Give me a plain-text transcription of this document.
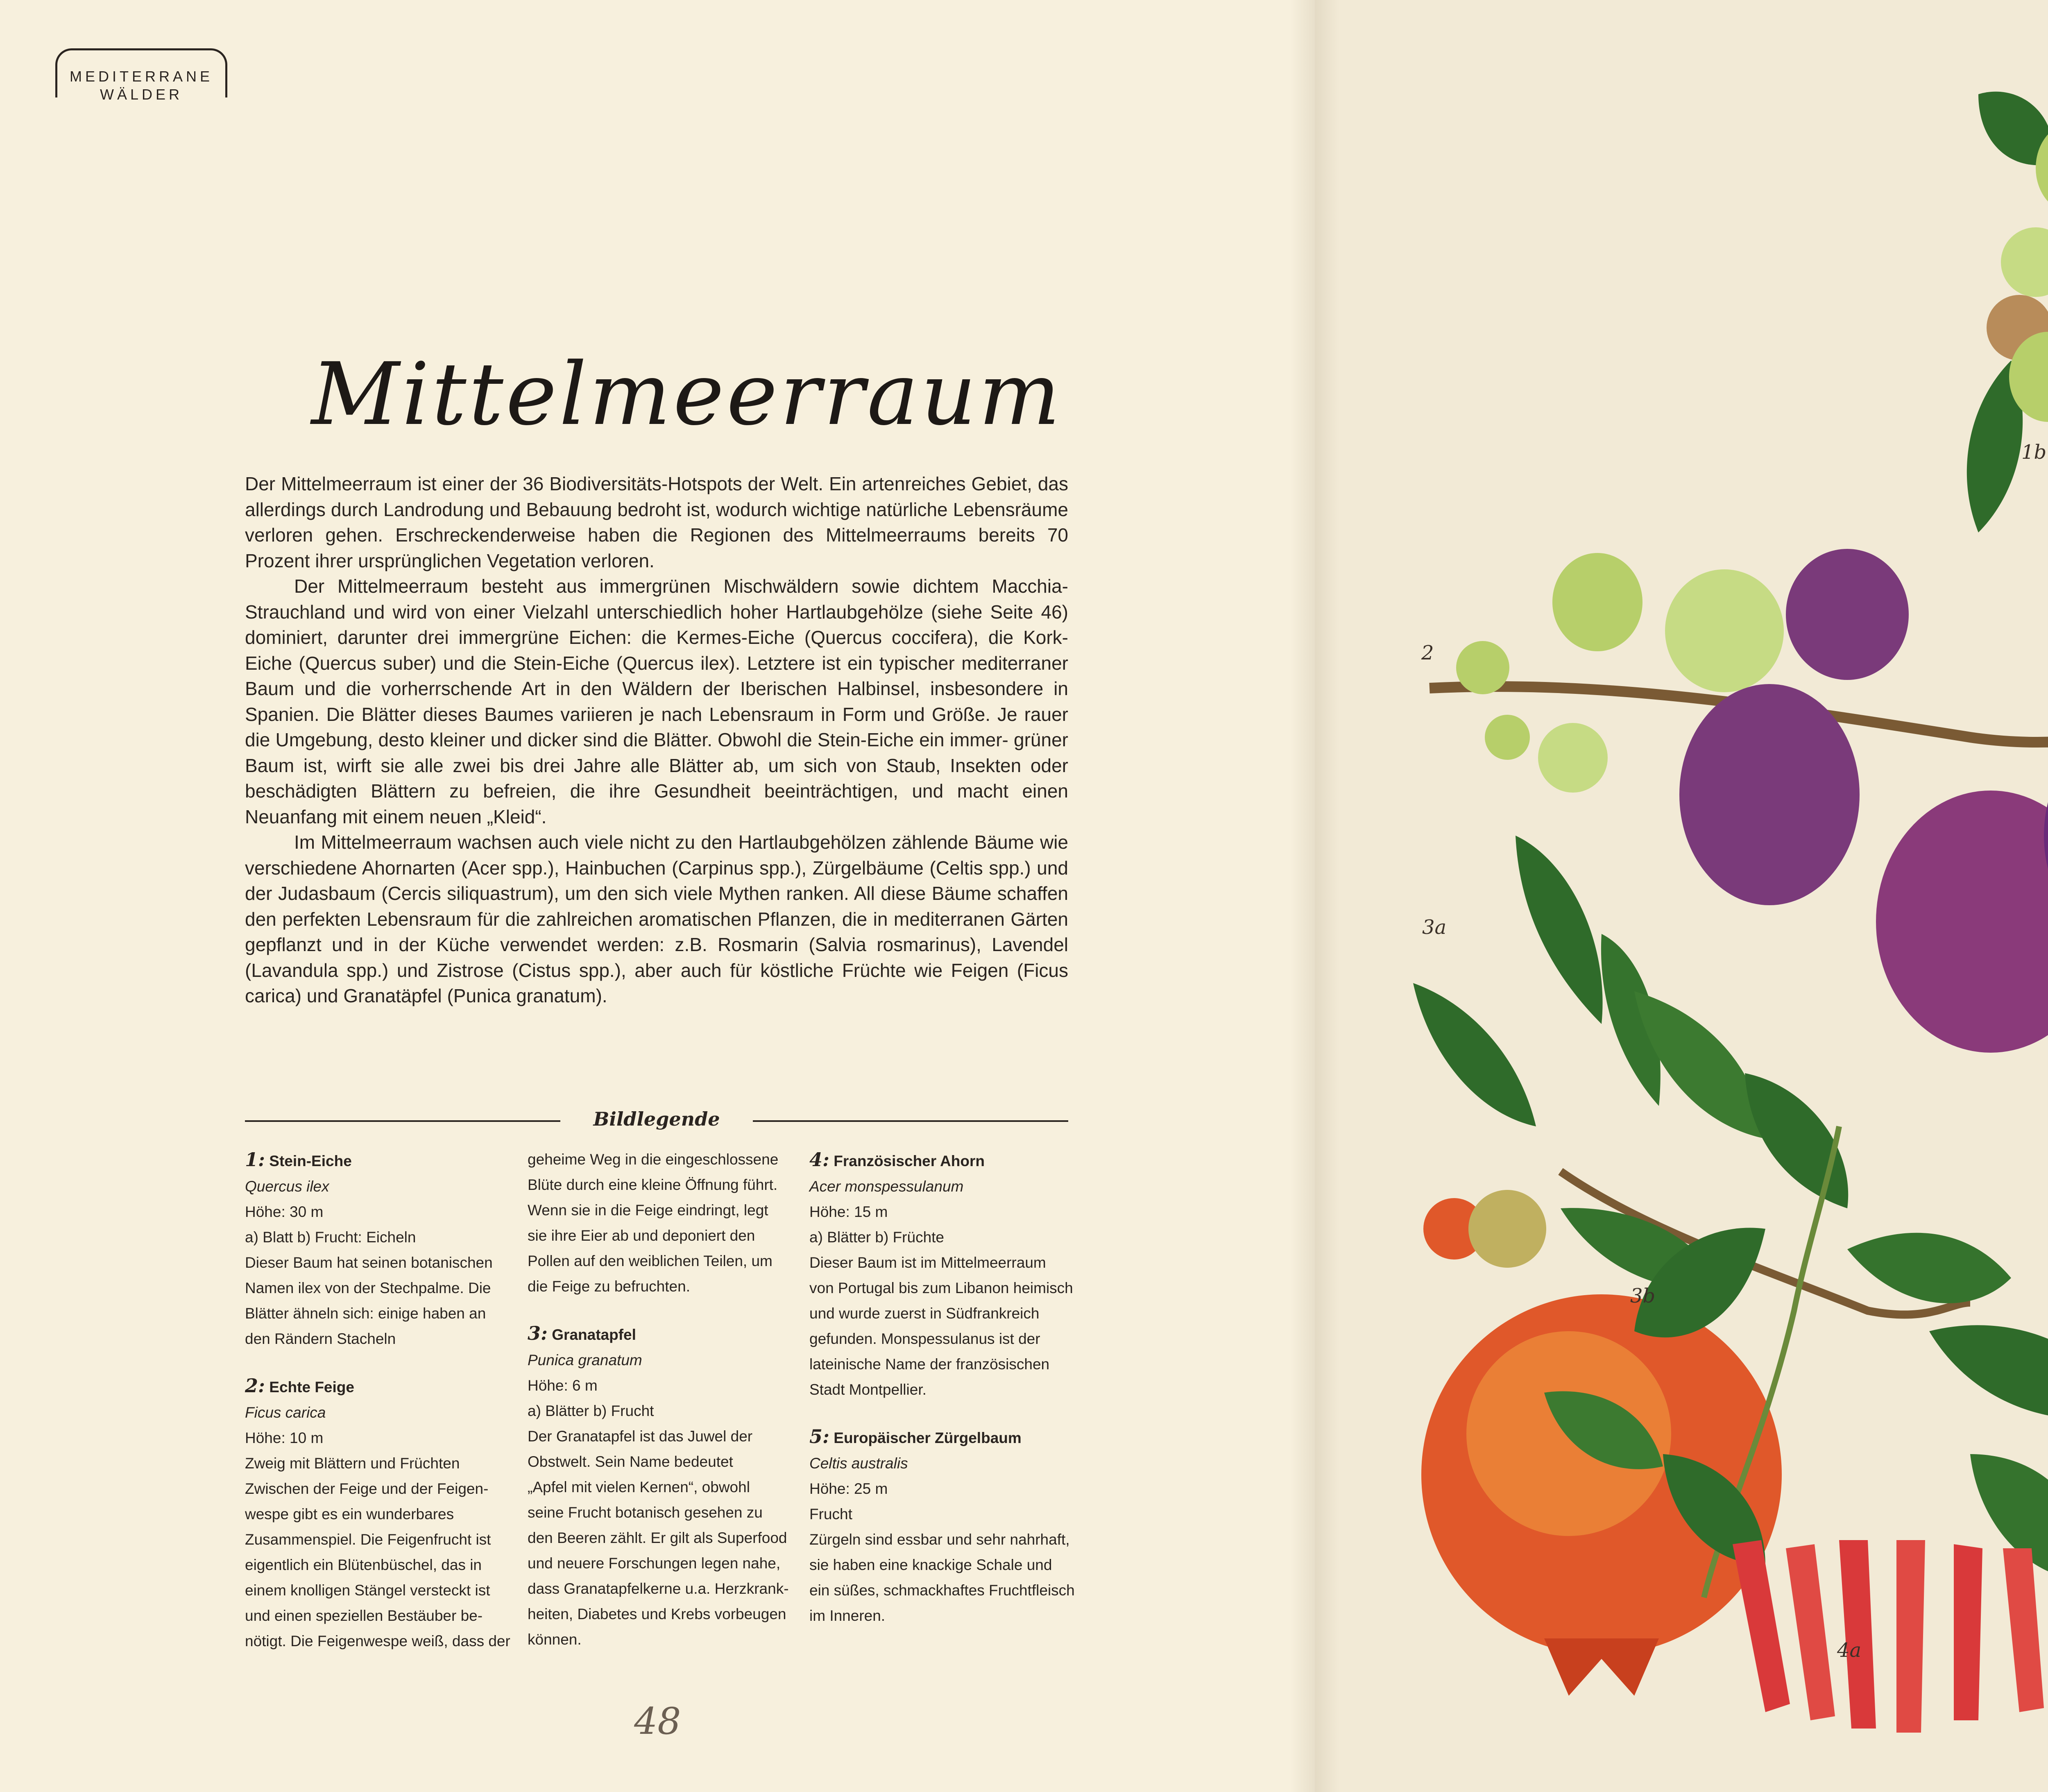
MEDITERRANE
WÄLDER
Mittelmeerraum

Der Mittelmeerraum ist einer der 36 Biodiversitäts-Hotspots der Welt. Ein artenreiches Gebiet, das allerdings durch Landrodung und Bebauung bedroht ist, wodurch wichtige natürliche Lebensräume verloren gehen. Erschreckenderweise haben die Regionen des Mittelmeerraums bereits 70 Prozent ihrer ursprünglichen Vegetation verloren.

Der Mittelmeerraum besteht aus immergrünen Mischwäldern sowie dichtem Macchia- Strauchland und wird von einer Vielzahl unterschiedlich hoher Hartlaubgehölze (siehe Seite 46) dominiert, darunter drei immergrüne Eichen: die Kermes-Eiche (Quercus coccifera), die Kork- Eiche (Quercus suber) und die Stein-Eiche (Quercus ilex). Letztere ist ein typischer mediterraner Baum und die vorherrschende Art in den Wäldern der Iberischen Halbinsel, insbesondere in Spanien. Die Blätter dieses Baumes variieren je nach Lebensraum in Form und Größe. Je rauer die Umgebung, desto kleiner und dicker sind die Blätter. Obwohl die Stein-Eiche ein immer- grüner Baum ist, wirft sie alle zwei bis drei Jahre alle Blätter ab, um sich von Staub, Insekten oder beschädigten Blättern zu befreien, die ihre Gesundheit beeinträchtigen, und macht einen Neuanfang mit einem neuen „Kleid“.

Im Mittelmeerraum wachsen auch viele nicht zu den Hartlaubgehölzen zählende Bäume wie verschiedene Ahornarten (Acer spp.), Hainbuchen (Carpinus spp.), Zürgelbäume (Celtis spp.) und der Judasbaum (Cercis siliquastrum), um den sich viele Mythen ranken. All diese Bäume schaffen den perfekten Lebensraum für die zahlreichen aromatischen Pflanzen, die in mediterranen Gärten gepflanzt und in der Küche verwendet werden: z.B. Rosmarin (Salvia rosmarinus), Lavendel (Lavandula spp.) und Zistrose (Cistus spp.), aber auch für köstliche Früchte wie Feigen (Ficus carica) und Granatäpfel (Punica granatum).

Bildlegende
1: Stein-Eiche
Quercus ilex
Höhe: 30 m
a) Blatt b) Frucht: Eicheln
Dieser Baum hat seinen botanischen
Namen ilex von der Stechpalme. Die
Blätter ähneln sich: einige haben an
den Rändern Stacheln
2: Echte Feige
Ficus carica
Höhe: 10 m
Zweig mit Blättern und Früchten
Zwischen der Feige und der Feigen-
wespe gibt es ein wunderbares
Zusammenspiel. Die Feigenfrucht ist
eigentlich ein Blütenbüschel, das in
einem knolligen Stängel versteckt ist
und einen speziellen Bestäuber be-
nötigt. Die Feigenwespe weiß, dass der
geheime Weg in die eingeschlossene
Blüte durch eine kleine Öffnung führt.
Wenn sie in die Feige eindringt, legt
sie ihre Eier ab und deponiert den
Pollen auf den weiblichen Teilen, um
die Feige zu befruchten.
3: Granatapfel
Punica granatum
Höhe: 6 m
a) Blätter b) Frucht
Der Granatapfel ist das Juwel der
Obstwelt. Sein Name bedeutet
„Apfel mit vielen Kernen“, obwohl
seine Frucht botanisch gesehen zu
den Beeren zählt. Er gilt als Superfood
und neuere Forschungen legen nahe,
dass Granatapfelkerne u.a. Herzkrank-
heiten, Diabetes und Krebs vorbeugen
können.
4: Französischer Ahorn
Acer monspessulanum
Höhe: 15 m
a) Blätter b) Früchte
Dieser Baum ist im Mittelmeerraum
von Portugal bis zum Libanon heimisch
und wurde zuerst in Südfrankreich
gefunden. Monspessulanus ist der
lateinische Name der französischen
Stadt Montpellier.
5: Europäischer Zürgelbaum
Celtis australis
Höhe: 25 m
Frucht
Zürgeln sind essbar und sehr nahrhaft,
sie haben eine knackige Schale und
ein süßes, schmackhaftes Fruchtfleisch
im Inneren.
48
1b
2
3a
3b
4a
